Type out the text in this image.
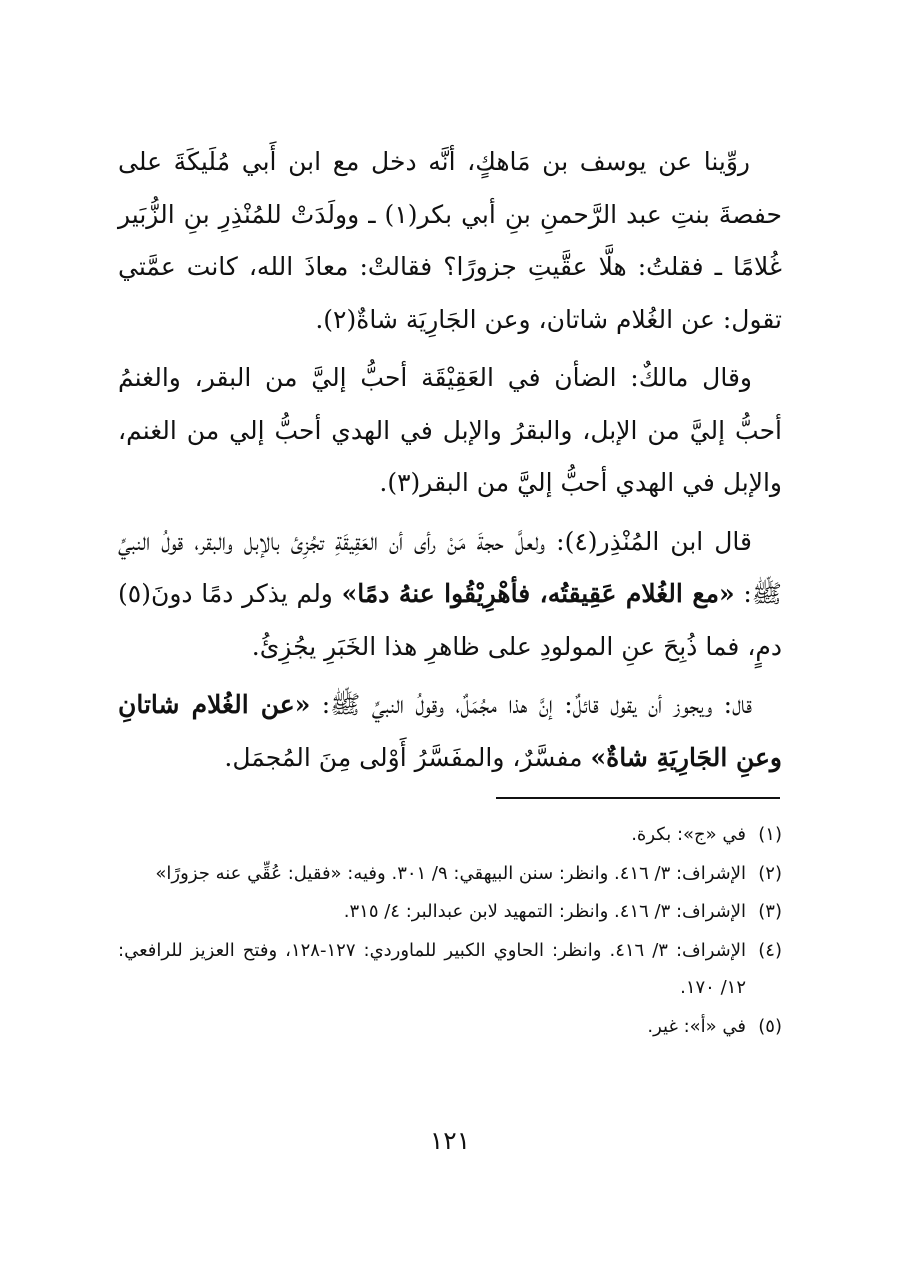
روِّينا عن يوسف بن مَاهكٍ، أنَّه دخل مع ابن أَبي مُلَيكَةَ على حفصةَ بنتِ عبد الرَّحمنِ بنِ أبي بكر(١) ـ وولَدَتْ للمُنْذِرِ بنِ الزُّبَير غُلامًا ـ فقلتُ: هلَّا عقَّيتِ جزورًا؟ فقالتْ: معاذَ الله، كانت عمَّتي تقول: عن الغُلام شاتان، وعن الجَارِيَة شاةٌ(٢).

وقال مالكٌ: الضأن في العَقِيْقَة أحبُّ إليَّ من البقر، والغنمُ أحبُّ إليَّ من الإبل، والبقرُ والإبل في الهدي أحبُّ إلي من الغنم، والإبل في الهدي أحبُّ إليَّ من البقر(٣).

قال ابن المُنْذِر(٤): ولعلَّ حجةَ مَنْ رأى أن العَقِيقَةِ تجُزِئ بالإبل والبقر، قولُ النبيِّ ﷺ: «مع الغُلام عَقِيقتُه، فأهْرِيْقُوا عنهُ دمًا» ولم يذكر دمًا دونَ(٥) دمٍ، فما ذُبِحَ عنِ المولودِ على ظاهرِ هذا الخَبَرِ يجُزِئُ.

قال: ويجوز أن يقول قائلٌ: إنَّ هذا مجُمَلٌ، وقولُ النبيِّ ﷺ: «عن الغُلام شاتانِ وعنِ الجَارِيَةِ شاةٌ» مفسَّرٌ، والمفَسَّرُ أَوْلى مِنَ المُجمَل.

(١)
في «ج»: بكرة.
(٢)
الإشراف: ٣/ ٤١٦. وانظر: سنن البيهقي: ٩/ ٣٠١. وفيه: «فقيل: عُقِّي عنه جزورًا»
(٣)
الإشراف: ٣/ ٤١٦. وانظر: التمهيد لابن عبدالبر: ٤/ ٣١٥.
(٤)
الإشراف: ٣/ ٤١٦. وانظر: الحاوي الكبير للماوردي: ١٢٧-١٢٨، وفتح العزيز للرافعي: ١٢/ ١٧٠.
(٥)
في «أ»: غير.
١٢١
